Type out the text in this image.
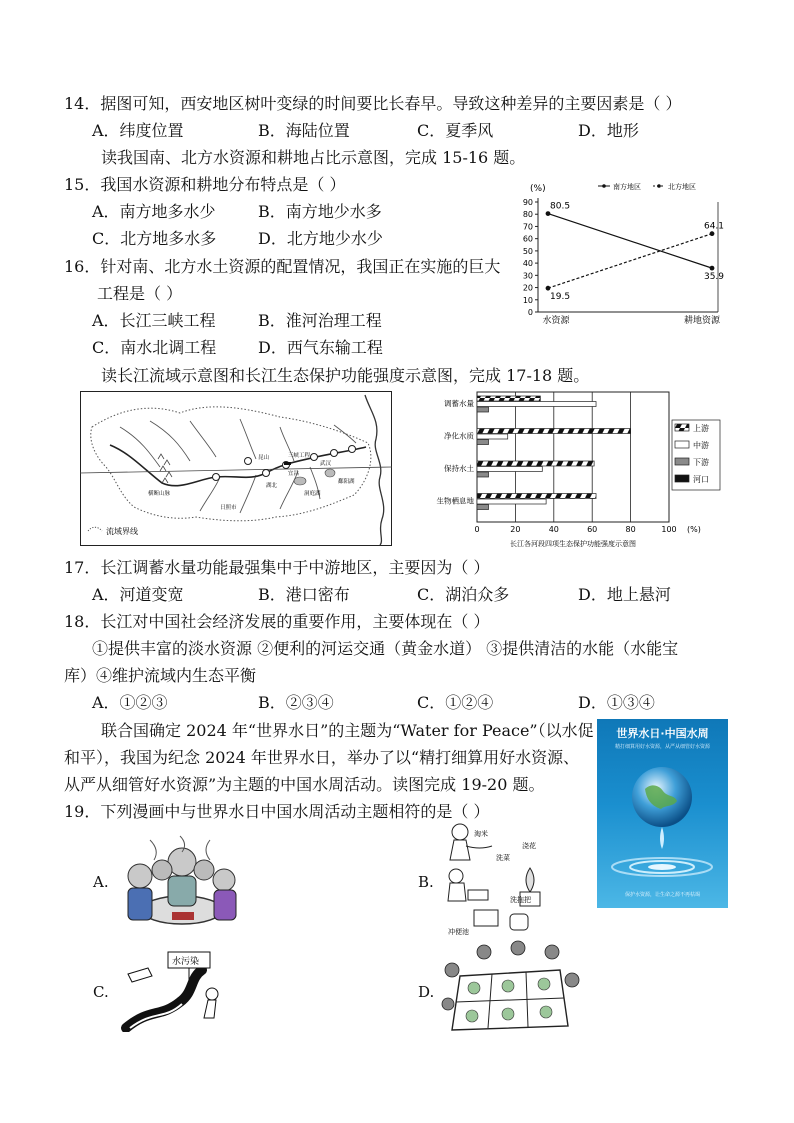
14．据图可知，西安地区树叶变绿的时间要比长春早。导致这种差异的主要因素是（ ）
A．纬度位置	B．海陆位置	C．夏季风	D．地形
读我国南、北方水资源和耕地占比示意图，完成 15-16 题。
15．我国水资源和耕地分布特点是（ ）
A．南方地多水少	B．南方地少水多
C．北方地多水多	D．北方地少水少
16．针对南、北方水土资源的配置情况，我国正在实施的巨大
工程是（ ）
A．长江三峡工程	B．淮河治理工程
C．南水北调工程	D．西气东输工程
(%)
0
10
20
30
40
50
60
70
80
90
水资源	耕地资源
80.5
35.9
19.5
64.1
南方地区	北方地区
读长江流域示意图和长江生态保护功能强度示意图，完成 17-18 题。
三峡工程
宜昌
昆山
湖北
武汉
鄱阳湖
洞庭湖
日照市
横断山脉
流域界线	0	20	40	60	80	100 (%)
调蓄水量
净化水质
保持水土
生物栖息地
上游
中游
下游
河口
长江各河段四项生态保护功能强度示意图
17．长江调蓄水量功能最强集中于中游地区，主要因为（ ）
A．河道变宽	B．港口密布	C．湖泊众多	D．地上悬河
18．长江对中国社会经济发展的重要作用，主要体现在（ ）
①提供丰富的淡水资源 ②便利的河运交通（黄金水道） ③提供清洁的水能（水能宝
库）④维护流域内生态平衡
A．①②③	B．②③④	C．①②④	D．①③④
联合国确定 2024 年“世界水日”的主题为“Water for Peace”（以水促
和平），我国为纪念 2024 年世界水日，举办了以“精打细算用好水资源、
从严从细管好水资源”为主题的中国水周活动。读图完成 19-20 题。
世界水日·中国水周
精打细算用好水资源，从严从细管好水资源
保护水资源，让生命之源不再枯竭
19．下列漫画中与世界水日中国水周活动主题相符的是（ ）
A.	B.
C.	D.
淘米
洗菜
浇花
洗拖把
冲便池
水污染
